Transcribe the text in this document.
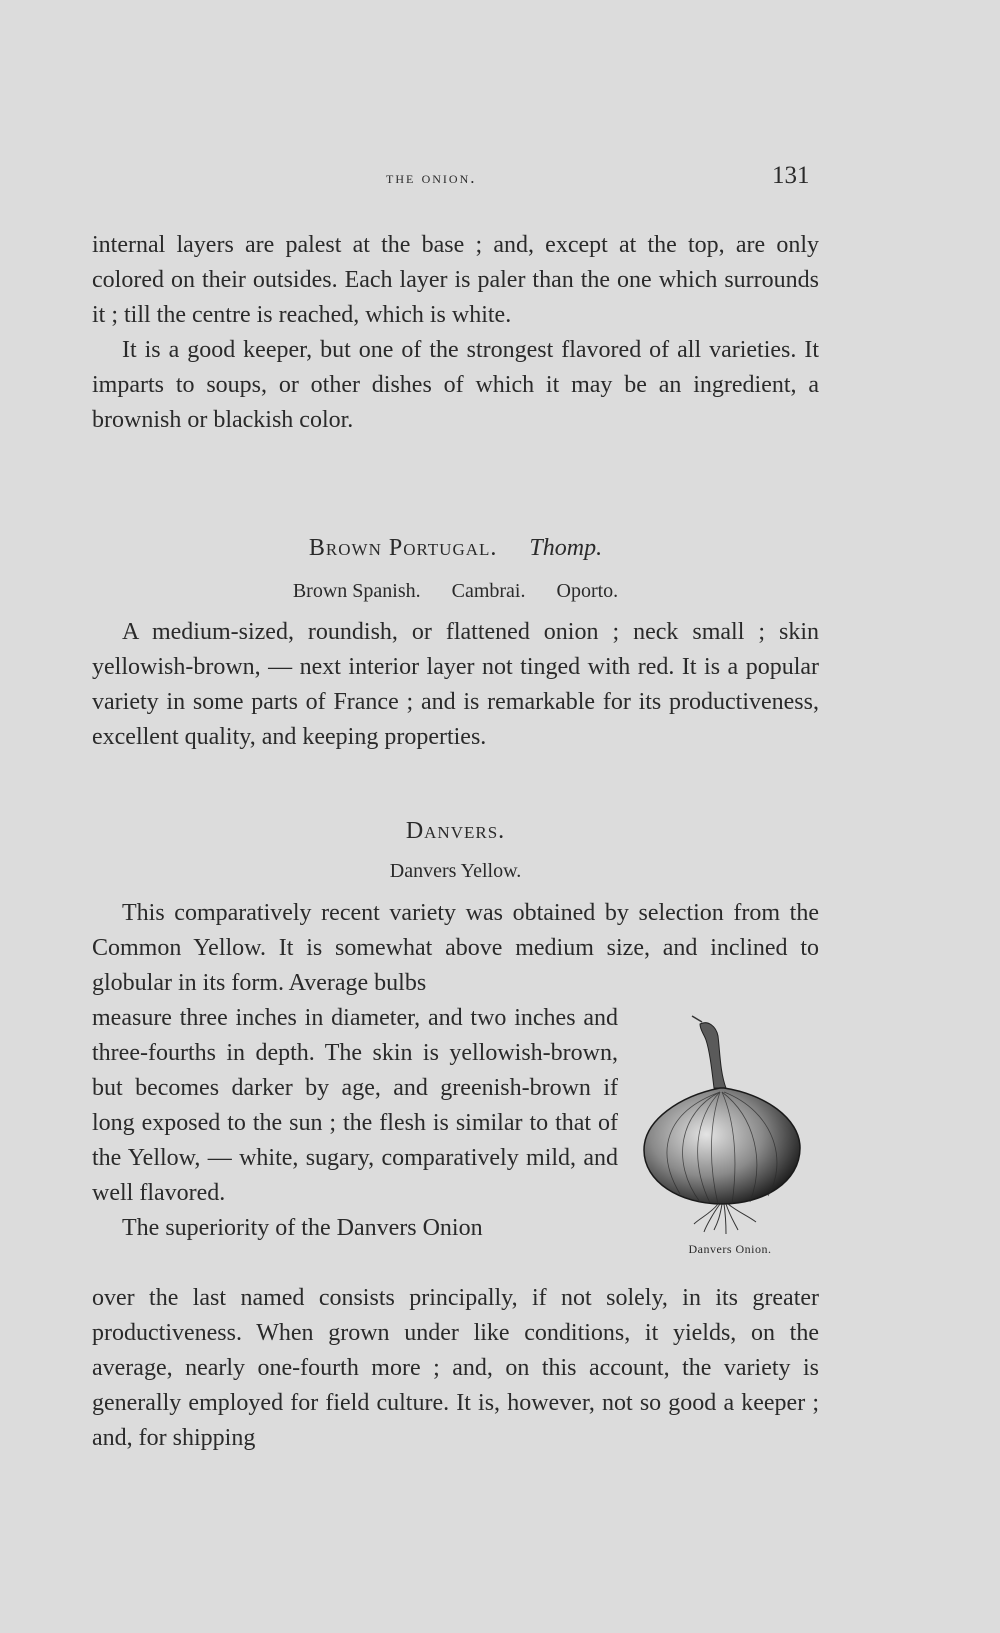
the onion.	131

internal layers are palest at the base ; and, except at the top, are only colored on their outsides. Each layer is paler than the one which surrounds it ; till the centre is reached, which is white.

It is a good keeper, but one of the strongest flavored of all varieties. It imparts to soups, or other dishes of which it may be an ingredient, a brownish or blackish color.

Brown Portugal. Thomp.
Brown Spanish. Cambrai. Oporto.

A medium-sized, roundish, or flattened onion ; neck small ; skin yellowish-brown, — next interior layer not tinged with red. It is a popular variety in some parts of France ; and is remarkable for its productiveness, excellent quality, and keeping properties.

Danvers.
Danvers Yellow.

This comparatively recent variety was obtained by selection from the Common Yellow. It is somewhat above medium size, and inclined to globular in its form. Average bulbs

measure three inches in diameter, and two inches and three-fourths in depth. The skin is yellowish-brown, but becomes darker by age, and greenish-brown if long exposed to the sun ; the flesh is similar to that of the Yellow, — white, sugary, comparatively mild, and well flavored.

The superiority of the Danvers Onion

over the last named consists principally, if not solely, in its greater productiveness. When grown under like conditions, it yields, on the average, nearly one-fourth more ; and, on this account, the variety is generally employed for field culture. It is, however, not so good a keeper ; and, for shipping

Danvers Onion.
